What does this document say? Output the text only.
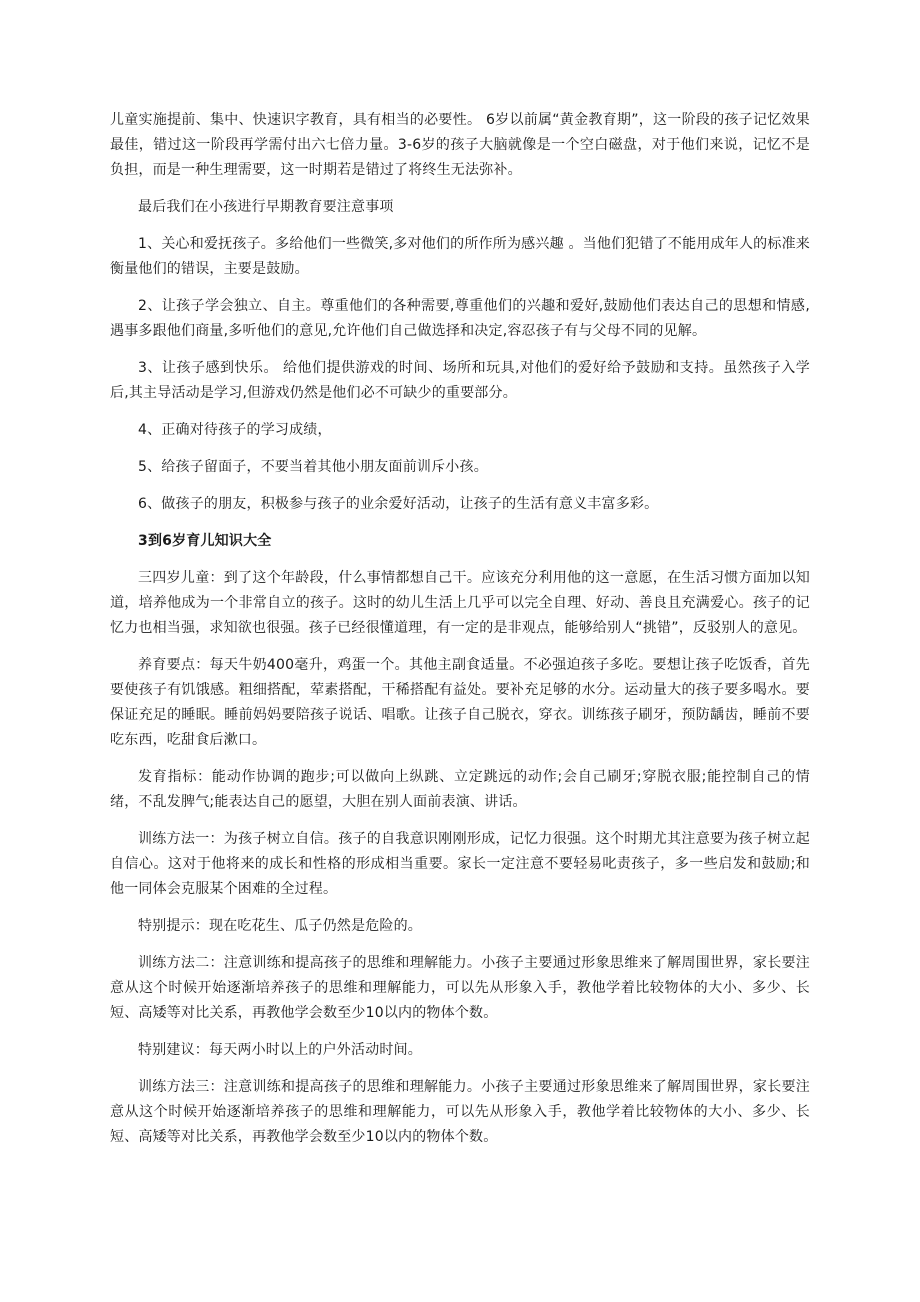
儿童实施提前、集中、快速识字教育，具有相当的必要性。 6岁以前属“黄金教育期”，这一阶段的孩子记忆效果最佳，错过这一阶段再学需付出六七倍力量。3-6岁的孩子大脑就像是一个空白磁盘，对于他们来说，记忆不是负担，而是一种生理需要，这一时期若是错过了将终生无法弥补。

最后我们在小孩进行早期教育要注意事项

1、关心和爱抚孩子。多给他们一些微笑,多对他们的所作所为感兴趣 。当他们犯错了不能用成年人的标准来衡量他们的错误，主要是鼓励。

2、让孩子学会独立、自主。尊重他们的各种需要,尊重他们的兴趣和爱好,鼓励他们表达自己的思想和情感,遇事多跟他们商量,多听他们的意见,允许他们自己做选择和决定,容忍孩子有与父母不同的见解。

3、让孩子感到快乐。 给他们提供游戏的时间、场所和玩具,对他们的爱好给予鼓励和支持。虽然孩子入学后,其主导活动是学习,但游戏仍然是他们必不可缺少的重要部分。

4、正确对待孩子的学习成绩，

5、给孩子留面子，不要当着其他小朋友面前训斥小孩。

6、做孩子的朋友，积极参与孩子的业余爱好活动，让孩子的生活有意义丰富多彩。

3到6岁育儿知识大全

三四岁儿童：到了这个年龄段，什么事情都想自己干。应该充分利用他的这一意愿，在生活习惯方面加以知道，培养他成为一个非常自立的孩子。这时的幼儿生活上几乎可以完全自理、好动、善良且充满爱心。孩子的记忆力也相当强，求知欲也很强。孩子已经很懂道理，有一定的是非观点，能够给别人“挑错”，反驳别人的意见。

养育要点：每天牛奶400毫升，鸡蛋一个。其他主副食适量。不必强迫孩子多吃。要想让孩子吃饭香，首先要使孩子有饥饿感。粗细搭配，荤素搭配，干稀搭配有益处。要补充足够的水分。运动量大的孩子要多喝水。要保证充足的睡眠。睡前妈妈要陪孩子说话、唱歌。让孩子自己脱衣，穿衣。训练孩子刷牙，预防龋齿，睡前不要吃东西，吃甜食后漱口。

发育指标：能动作协调的跑步;可以做向上纵跳、立定跳远的动作;会自己刷牙;穿脱衣服;能控制自己的情绪，不乱发脾气;能表达自己的愿望，大胆在别人面前表演、讲话。

训练方法一：为孩子树立自信。孩子的自我意识刚刚形成，记忆力很强。这个时期尤其注意要为孩子树立起自信心。这对于他将来的成长和性格的形成相当重要。家长一定注意不要轻易叱责孩子，多一些启发和鼓励;和他一同体会克服某个困难的全过程。

特别提示：现在吃花生、瓜子仍然是危险的。

训练方法二：注意训练和提高孩子的思维和理解能力。小孩子主要通过形象思维来了解周围世界，家长要注意从这个时候开始逐渐培养孩子的思维和理解能力，可以先从形象入手，教他学着比较物体的大小、多少、长短、高矮等对比关系，再教他学会数至少10以内的物体个数。

特别建议：每天两小时以上的户外活动时间。

训练方法三：注意训练和提高孩子的思维和理解能力。小孩子主要通过形象思维来了解周围世界，家长要注意从这个时候开始逐渐培养孩子的思维和理解能力，可以先从形象入手，教他学着比较物体的大小、多少、长短、高矮等对比关系，再教他学会数至少10以内的物体个数。
